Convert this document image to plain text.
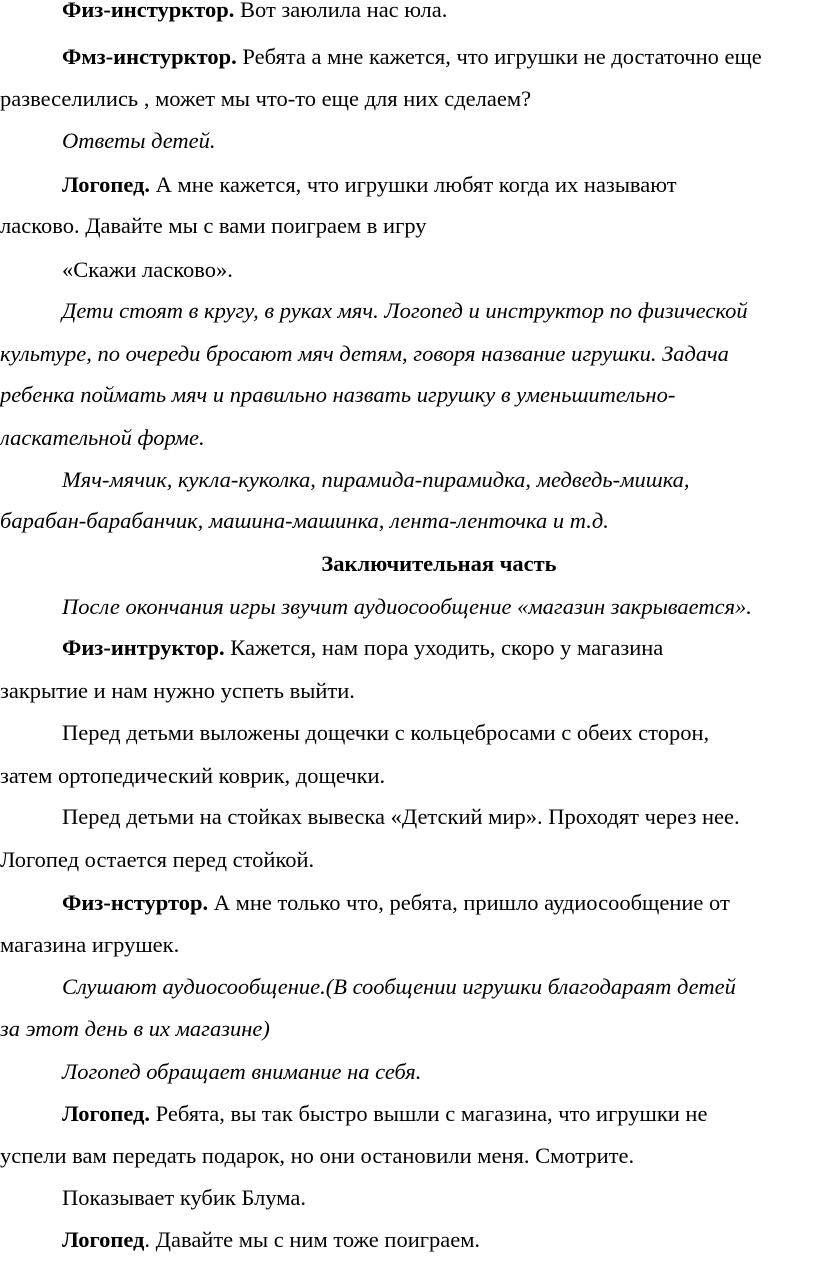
Физ-инстурктор. Вот заюлила нас юла.
Фмз-инстурктор. Ребята а мне кажется, что игрушки не достаточно еще
развеселились , может мы что-то еще для них сделаем?
Ответы детей.
Логопед. А мне кажется, что игрушки любят когда их называют
ласково. Давайте мы с вами поиграем в игру
«Скажи ласково».
Дети стоят в кругу, в руках мяч. Логопед и инструктор по физической
культуре, по очереди бросают мяч детям, говоря название игрушки. Задача
ребенка поймать мяч и правильно назвать игрушку в уменьшительно-
ласкательной форме.
Мяч-мячик, кукла-куколка, пирамида-пирамидка, медведь-мишка,
барабан-барабанчик, машина-машинка, лента-ленточка и т.д.
Заключительная часть
После окончания игры звучит аудиосообщение «магазин закрывается».
Физ-интруктор. Кажется, нам пора уходить, скоро у магазина
закрытие и нам нужно успеть выйти.
Перед детьми выложены дощечки с кольцебросами с обеих сторон,
затем ортопедический коврик, дощечки.
Перед детьми на стойках вывеска «Детский мир». Проходят через нее.
Логопед остается перед стойкой.
Физ-нстуртор. А мне только что, ребята, пришло аудиосообщение от
магазина игрушек.
Слушают аудиосообщение.(В сообщении игрушки благодараят детей
за этот день в их магазине)
Логопед обращает внимание на себя.
Логопед. Ребята, вы так быстро вышли с магазина, что игрушки не
успели вам передать подарок, но они остановили меня. Смотрите.
Показывает кубик Блума.
Логопед. Давайте мы с ним тоже поиграем.
